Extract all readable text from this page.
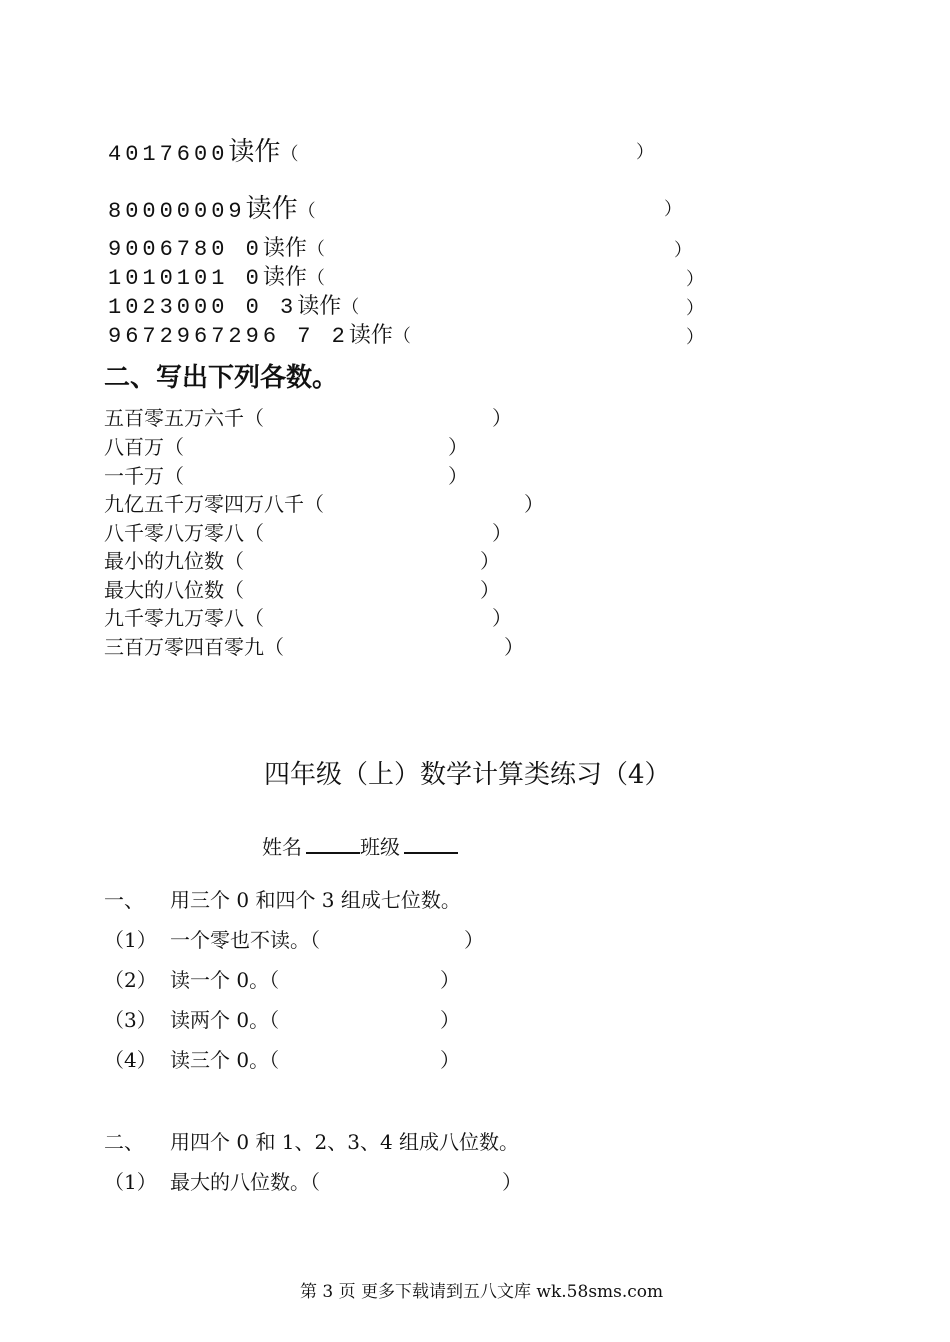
4017600读作（	）
80000009读作（	）
9006780 0读作（	）
1010101 0读作（	）
1023000 0 3读作（	）
9672967296 7 2读作（	）
二、写出下列各数。
五百零五万六千（	）
八百万（	）
一千万（	）
九亿五千万零四万八千（	）
八千零八万零八（	）
最小的九位数（	）
最大的八位数（	）
九千零九万零八（	）
三百万零四百零九（	）
四年级（上）数学计算类练习（4）
姓名	班级
一、 用三个 0 和四个 3 组成七位数。
（1） 一个零也不读。（	）
（2） 读一个 0。（	）
（3） 读两个 0。（	）
（4） 读三个 0。（	）
二、 用四个 0 和 1、2、3、4 组成八位数。
（1） 最大的八位数。（	）
第 3 页 更多下载请到五八文库 wk.58sms.com
